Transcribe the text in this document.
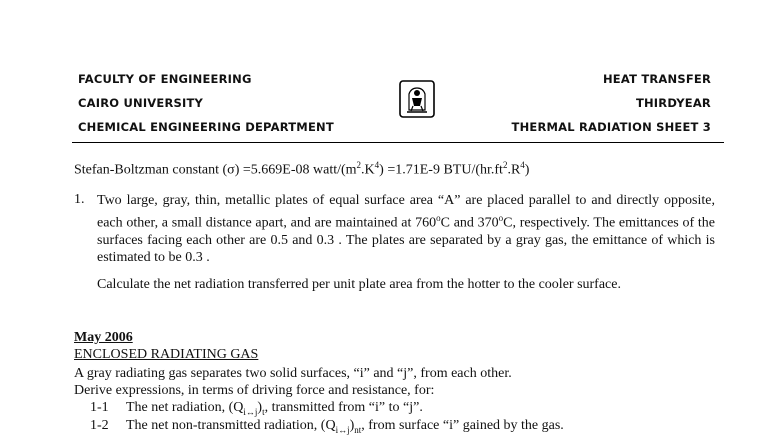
FACULTY OF ENGINEERING
CAIRO UNIVERSITY
CHEMICAL ENGINEERING DEPARTMENT
HEAT TRANSFER
THIRDYEAR
THERMAL RADIATION SHEET 3
Stefan-Boltzman constant (σ) =5.669E-08 watt/$(m^2.K^4) =1.71E-9$ BTU/$(hr.ft^2.R^4)$
1. Two large, gray, thin, metallic plates of equal surface area “A” are placed parallel to and directly opposite, each other, a small distance apart, and are maintained at 760$^o$C and 370$^o$C, respectively. The emittances of the surfaces facing each other are 0.5 and 0.3 . The plates are separated by a gray gas, the emittance of which is estimated to be 0.3 .
Calculate the net radiation transferred per unit plate area from the hotter to the cooler surface.
May 2006
ENCLOSED RADIATING GAS
A gray radiating gas separates two solid surfaces, “i” and “j”, from each other.
Derive expressions, in terms of driving force and resistance, for:
1-1 The net radiation, $(Q_{i\leftrightarrow j})_t$, transmitted from “i” to “j”.
1-2 The net non-transmitted radiation, $(Q_{i\leftrightarrow j})_{nt}$, from surface “i” gained by the gas.
